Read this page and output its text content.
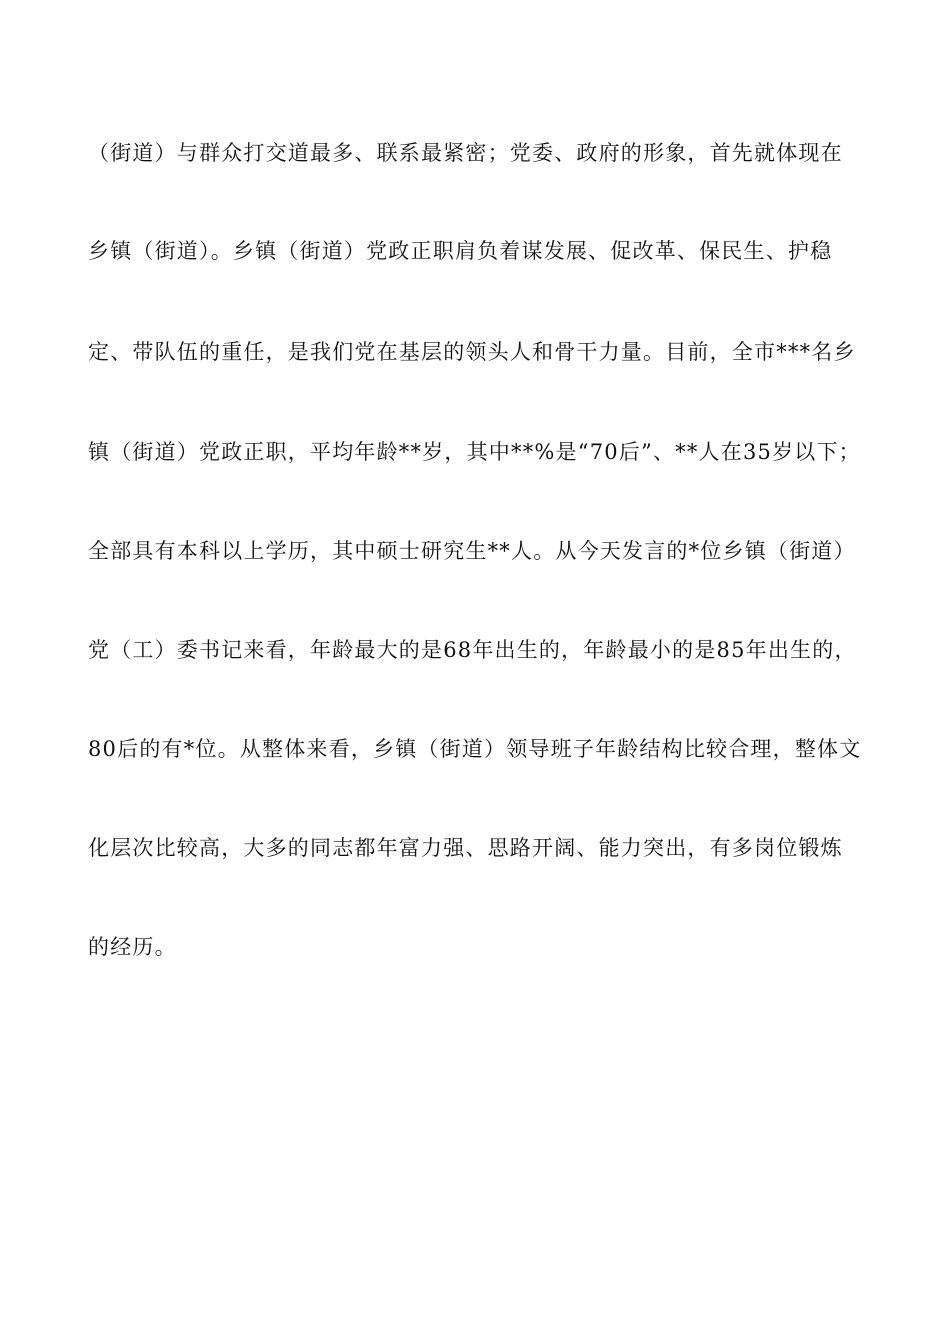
（街道）与群众打交道最多、联系最紧密；党委、政府的形象，首先就体现在
乡镇（街道）。乡镇（街道）党政正职肩负着谋发展、促改革、保民生、护稳
定、带队伍的重任，是我们党在基层的领头人和骨干力量。目前，全市***名乡
镇（街道）党政正职，平均年龄**岁，其中**%是“70后”、**人在35岁以下；
全部具有本科以上学历，其中硕士研究生**人。从今天发言的*位乡镇（街道）
党（工）委书记来看，年龄最大的是68年出生的，年龄最小的是85年出生的，
80后的有*位。从整体来看，乡镇（街道）领导班子年龄结构比较合理，整体文
化层次比较高，大多的同志都年富力强、思路开阔、能力突出，有多岗位锻炼
的经历。
